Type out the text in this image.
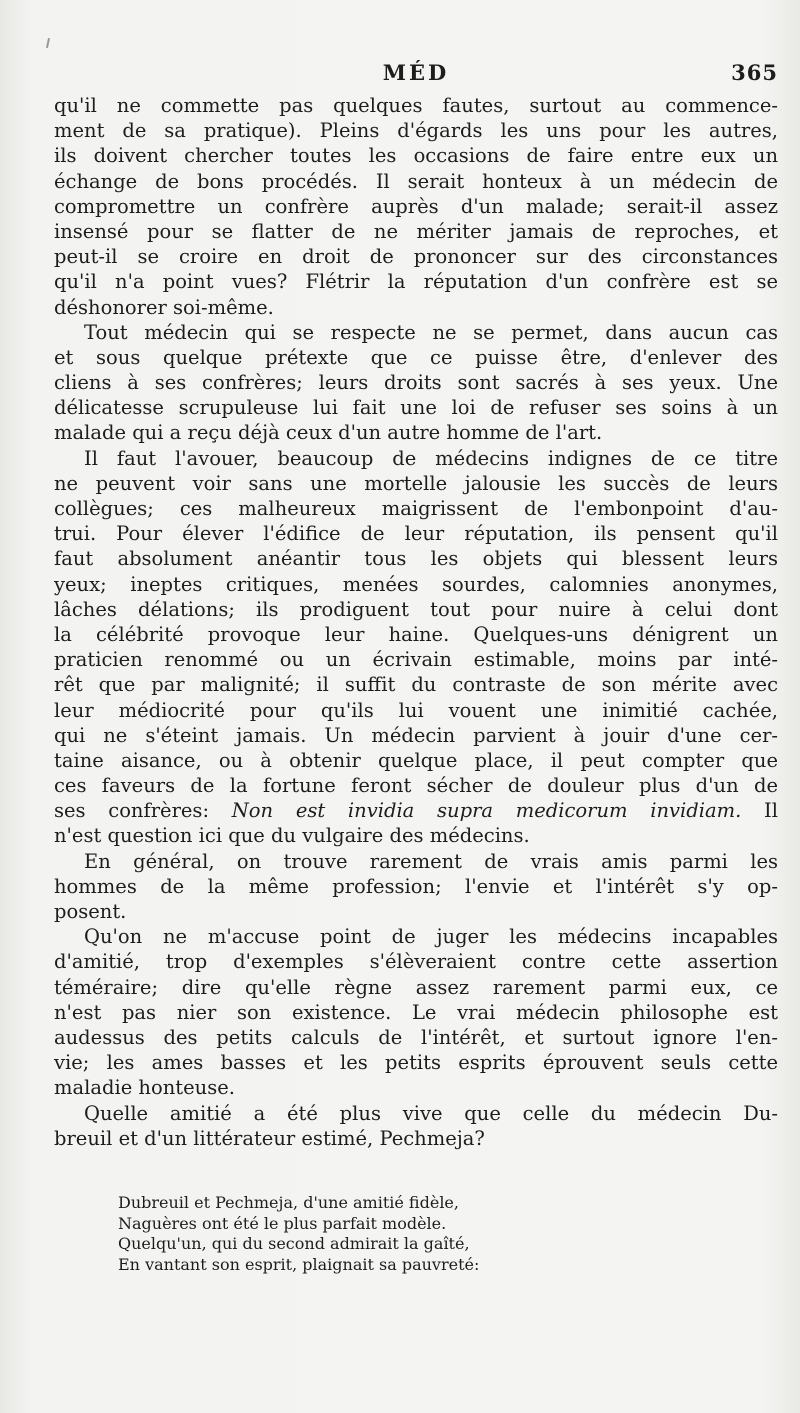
MÉD	365

qu'il ne commette pas quelques fautes, surtout au commence-
ment de sa pratique). Pleins d'égards les uns pour les autres,
ils doivent chercher toutes les occasions de faire entre eux un
échange de bons procédés. Il serait honteux à un médecin de
compromettre un confrère auprès d'un malade; serait-il assez
insensé pour se flatter de ne mériter jamais de reproches, et
peut-il se croire en droit de prononcer sur des circonstances
qu'il n'a point vues? Flétrir la réputation d'un confrère est se
déshonorer soi-même.

Tout médecin qui se respecte ne se permet, dans aucun cas
et sous quelque prétexte que ce puisse être, d'enlever des
cliens à ses confrères; leurs droits sont sacrés à ses yeux. Une
délicatesse scrupuleuse lui fait une loi de refuser ses soins à un
malade qui a reçu déjà ceux d'un autre homme de l'art.

Il faut l'avouer, beaucoup de médecins indignes de ce titre
ne peuvent voir sans une mortelle jalousie les succès de leurs
collègues; ces malheureux maigrissent de l'embonpoint d'au-
trui. Pour élever l'édifice de leur réputation, ils pensent qu'il
faut absolument anéantir tous les objets qui blessent leurs
yeux; ineptes critiques, menées sourdes, calomnies anonymes,
lâches délations; ils prodiguent tout pour nuire à celui dont
la célébrité provoque leur haine. Quelques-uns dénigrent un
praticien renommé ou un écrivain estimable, moins par inté-
rêt que par malignité; il suffit du contraste de son mérite avec
leur médiocrité pour qu'ils lui vouent une inimitié cachée,
qui ne s'éteint jamais. Un médecin parvient à jouir d'une cer-
taine aisance, ou à obtenir quelque place, il peut compter que
ces faveurs de la fortune feront sécher de douleur plus d'un de
ses confrères: Non est invidia supra medicorum invidiam. Il
n'est question ici que du vulgaire des médecins.

En général, on trouve rarement de vrais amis parmi les
hommes de la même profession; l'envie et l'intérêt s'y op-
posent.

Qu'on ne m'accuse point de juger les médecins incapables
d'amitié, trop d'exemples s'élèveraient contre cette assertion
téméraire; dire qu'elle règne assez rarement parmi eux, ce
n'est pas nier son existence. Le vrai médecin philosophe est
audessus des petits calculs de l'intérêt, et surtout ignore l'en-
vie; les ames basses et les petits esprits éprouvent seuls cette
maladie honteuse.

Quelle amitié a été plus vive que celle du médecin Du-
breuil et d'un littérateur estimé, Pechmeja?

Dubreuil et Pechmeja, d'une amitié fidèle,
Naguères ont été le plus parfait modèle.
Quelqu'un, qui du second admirait la gaîté,
En vantant son esprit, plaignait sa pauvreté:
